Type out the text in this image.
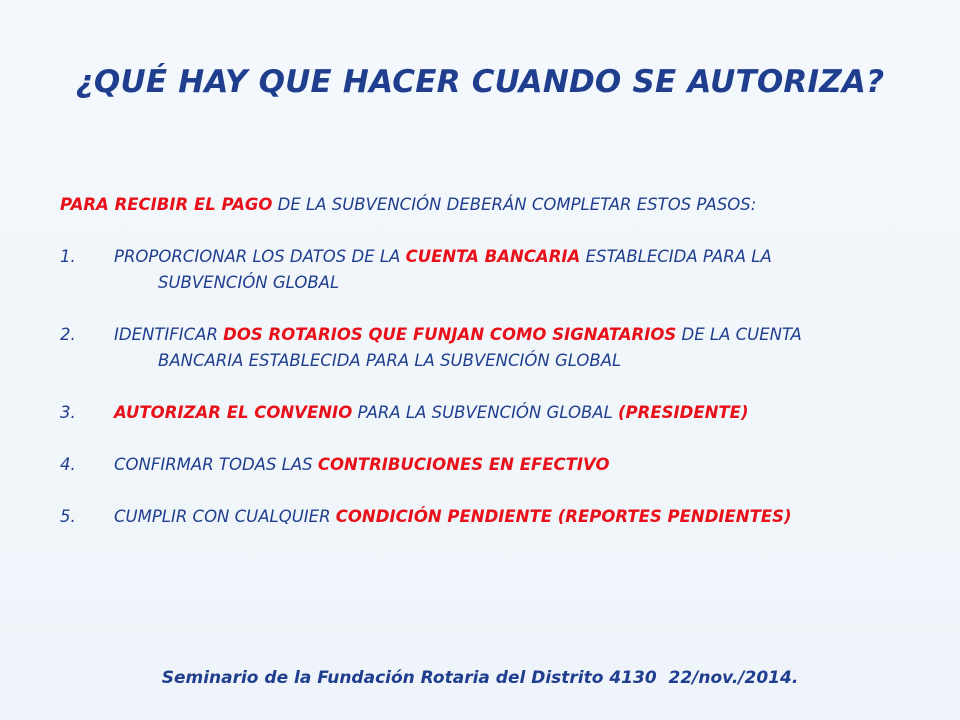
¿QUÉ HAY QUE HACER CUANDO SE AUTORIZA?

PARA RECIBIR EL PAGO DE LA SUBVENCIÓN DEBERÁN COMPLETAR ESTOS PASOS:

1. PROPORCIONAR LOS DATOS DE LA CUENTA BANCARIA ESTABLECIDA PARA LA
SUBVENCIÓN GLOBAL

2. IDENTIFICAR DOS ROTARIOS QUE FUNJAN COMO SIGNATARIOS DE LA CUENTA
BANCARIA ESTABLECIDA PARA LA SUBVENCIÓN GLOBAL

3. AUTORIZAR EL CONVENIO PARA LA SUBVENCIÓN GLOBAL (PRESIDENTE)

4. CONFIRMAR TODAS LAS CONTRIBUCIONES EN EFECTIVO

5. CUMPLIR CON CUALQUIER CONDICIÓN PENDIENTE (REPORTES PENDIENTES)

Seminario de la Fundación Rotaria del Distrito 4130  22/nov./2014.
